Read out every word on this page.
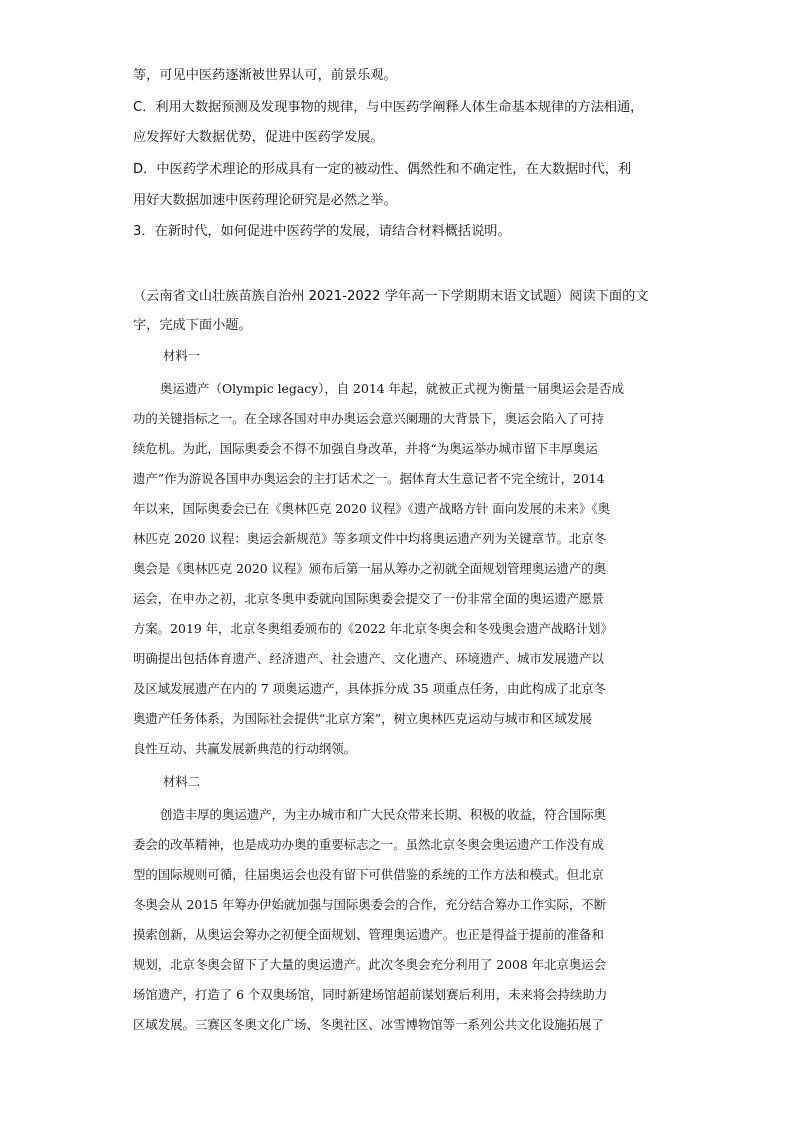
等，可见中医药逐渐被世界认可，前景乐观。
C．利用大数据预测及发现事物的规律，与中医药学阐释人体生命基本规律的方法相通，
应发挥好大数据优势，促进中医药学发展。
D．中医药学术理论的形成具有一定的被动性、偶然性和不确定性，在大数据时代，利
用好大数据加速中医药理论研究是必然之举。
3．在新时代，如何促进中医药学的发展，请结合材料概括说明。
（云南省文山壮族苗族自治州 2021-2022 学年高一下学期期末语文试题）阅读下面的文
字，完成下面小题。
材料一
奥运遗产（Olympic legacy），自 2014 年起，就被正式视为衡量一届奥运会是否成
功的关键指标之一。在全球各国对申办奥运会意兴阑珊的大背景下，奥运会陷入了可持
续危机。为此，国际奥委会不得不加强自身改革，并将“为奥运举办城市留下丰厚奥运
遗产”作为游说各国申办奥运会的主打话术之一。据体育大生意记者不完全统计，2014
年以来，国际奥委会已在《奥林匹克 2020 议程》《遗产战略方针 面向发展的未来》《奥
林匹克 2020 议程：奥运会新规范》等多项文件中均将奥运遗产列为关键章节。北京冬
奥会是《奥林匹克 2020 议程》颁布后第一届从筹办之初就全面规划管理奥运遗产的奥
运会，在申办之初，北京冬奥申委就向国际奥委会提交了一份非常全面的奥运遗产愿景
方案。2019 年，北京冬奥组委颁布的《2022 年北京冬奥会和冬残奥会遗产战略计划》
明确提出包括体育遗产、经济遗产、社会遗产、文化遗产、环境遗产、城市发展遗产以
及区域发展遗产在内的 7 项奥运遗产，具体拆分成 35 项重点任务，由此构成了北京冬
奥遗产任务体系，为国际社会提供“北京方案”，树立奥林匹克运动与城市和区域发展
良性互动、共赢发展新典范的行动纲领。
材料二
创造丰厚的奥运遗产，为主办城市和广大民众带来长期、积极的收益，符合国际奥
委会的改革精神，也是成功办奥的重要标志之一。虽然北京冬奥会奥运遗产工作没有成
型的国际规则可循，往届奥运会也没有留下可供借鉴的系统的工作方法和模式。但北京
冬奥会从 2015 年筹办伊始就加强与国际奥委会的合作，充分结合筹办工作实际，不断
摸索创新，从奥运会筹办之初便全面规划、管理奥运遗产。也正是得益于提前的准备和
规划，北京冬奥会留下了大量的奥运遗产。此次冬奥会充分利用了 2008 年北京奥运会
场馆遗产，打造了 6 个双奥场馆，同时新建场馆超前谋划赛后利用，未来将会持续助力
区域发展。三赛区冬奥文化广场、冬奥社区、冰雪博物馆等一系列公共文化设施拓展了
